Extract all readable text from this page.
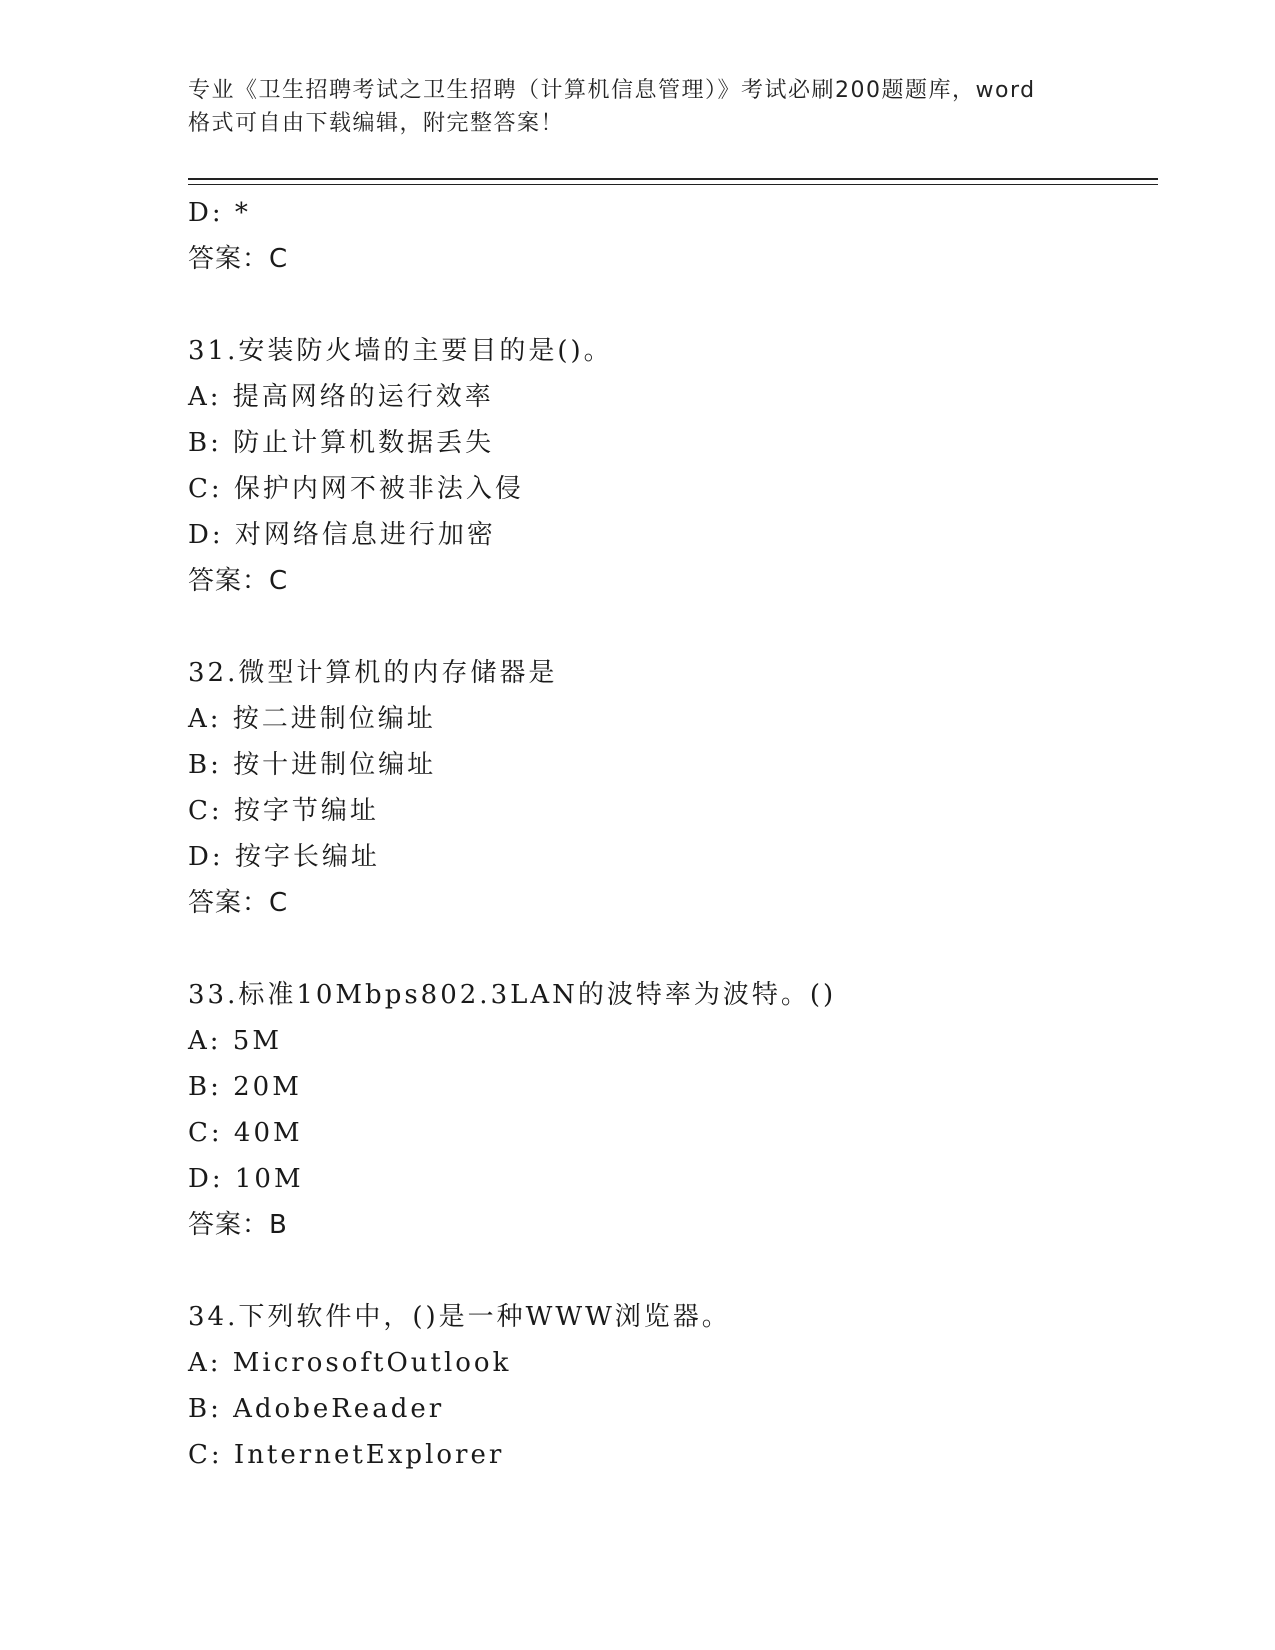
专业《卫生招聘考试之卫生招聘（计算机信息管理）》考试必刷200题题库，word
格式可自由下载编辑，附完整答案！
D: *
答案：C
31.安装防火墙的主要目的是()。
A: 提高网络的运行效率
B: 防止计算机数据丢失
C: 保护内网不被非法入侵
D: 对网络信息进行加密
答案：C
32.微型计算机的内存储器是
A: 按二进制位编址
B: 按十进制位编址
C: 按字节编址
D: 按字长编址
答案：C
33.标准10Mbps802.3LAN的波特率为波特。()
A: 5M
B: 20M
C: 40M
D: 10M
答案：B
34.下列软件中，()是一种WWW浏览器。
A: MicrosoftOutlook
B: AdobeReader
C: InternetExplorer
